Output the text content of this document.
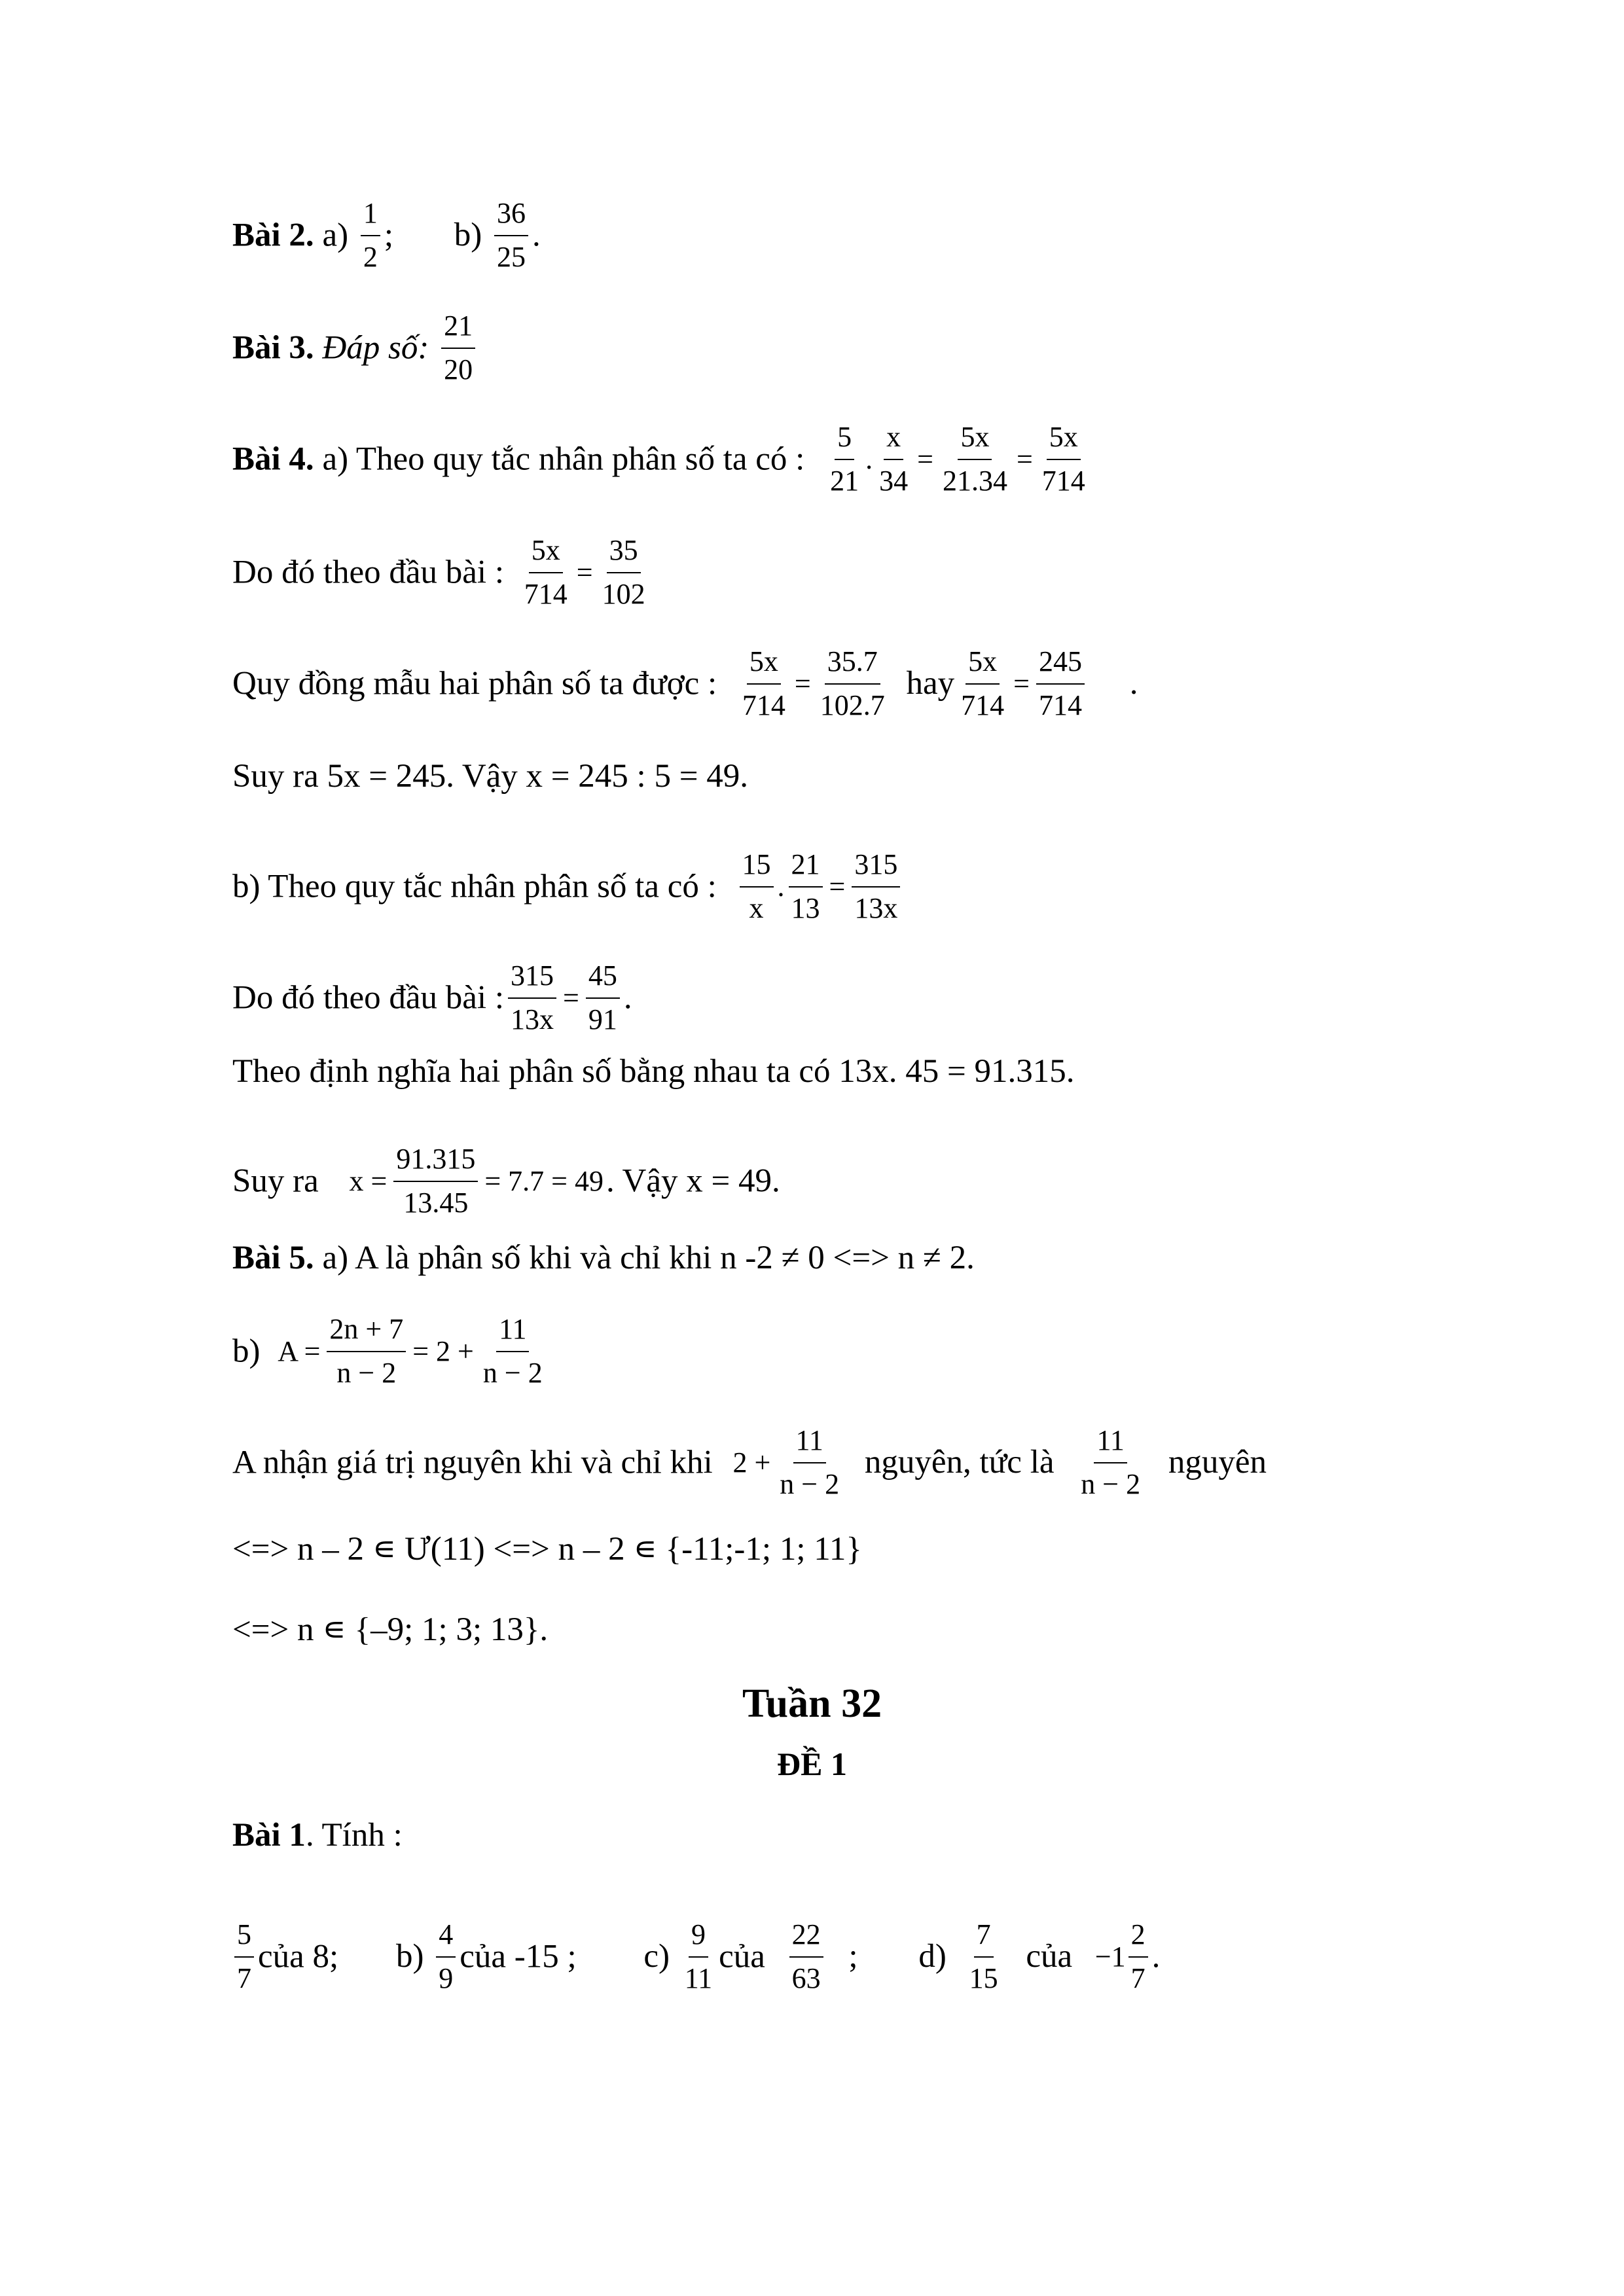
Bài 2. $a) \frac{1}{2}$ ; $b) \frac{36}{25}$ .
Bài 3. Đáp số: $\frac{21}{20}$
Bài 4. a) Theo quy tắc nhân phân số ta có : $\frac{5}{21}$ . $\frac{x}{34} = \frac{5x}{21.34} = \frac{5x}{714}$
Do đó theo đầu bài : $\frac{5x}{714} = \frac{35}{102}$
Quy đồng mẫu hai phân số ta được : $\frac{5x}{714} = \frac{35.7}{102.7}$ hay $\frac{5x}{714} = \frac{245}{714}$ .
Suy ra 5x = 245. Vậy x = 245 : 5 = 49.
b) Theo quy tắc nhân phân số ta có : $\frac{15}{x}$ . $\frac{21}{13} = \frac{315}{13x}$
Do đó theo đầu bài : $\frac{315}{13x} = \frac{45}{91}$ .
Theo định nghĩa hai phân số bằng nhau ta có 13x. 45 = 91.315.
Suy ra $x = \frac{91.315}{13.45} = 7.7 = 49$. Vậy x = 49.
Bài 5. a) A là phân số khi và chỉ khi n -2 ≠ 0 <=> n ≠ 2.
b) $A = \frac{2n + 7}{n - 2} = 2 + \frac{11}{n - 2}$
A nhận giá trị nguyên khi và chỉ khi $2 + \frac{11}{n - 2}$ nguyên, tức là $\frac{11}{n - 2}$ nguyên
<=> n – 2 ∊ Ư(11) <=> n – 2 ∊ {-11;-1; 1; 11}
<=> n ∊ {–9; 1; 3; 13}.
Tuần 32
ĐỀ 1
Bài 1. Tính :
$\frac{5}{7}$ của 8; $b) \frac{4}{9}$ của -15 ; $c) \frac{9}{11}$ của $\frac{22}{63}$ ; $d) \frac{7}{15}$ của $-1 \frac{2}{7}$ .
